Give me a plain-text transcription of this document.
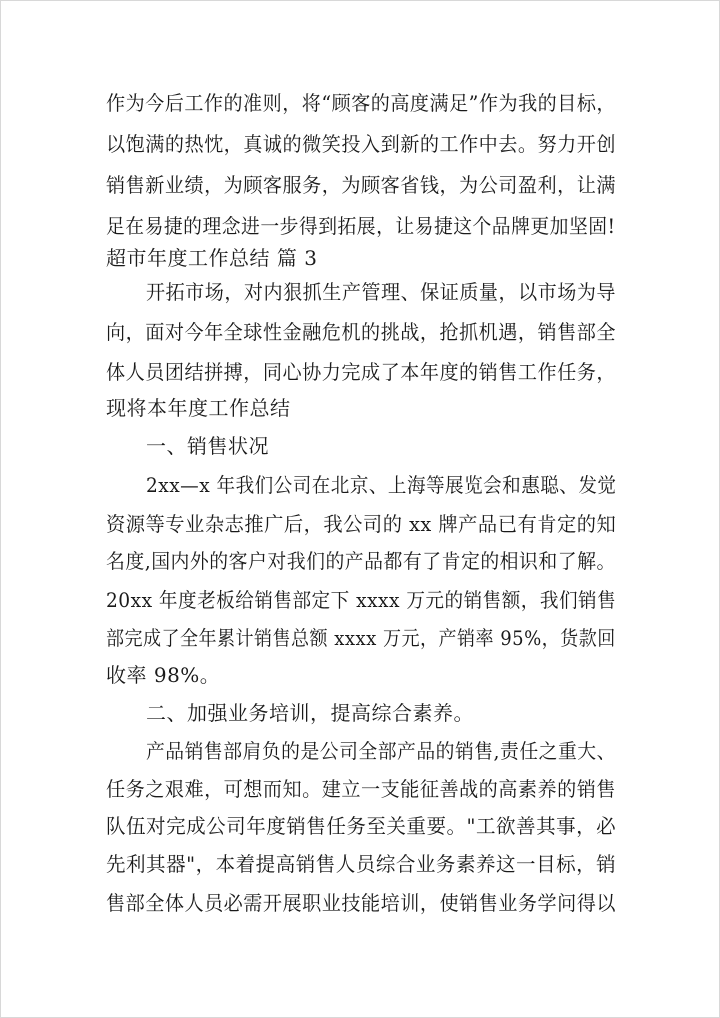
作为今后工作的准则，将“顾客的高度满足”作为我的目标，
以饱满的热忱，真诚的微笑投入到新的工作中去。努力开创
销售新业绩，为顾客服务，为顾客省钱，为公司盈利，让满
足在易捷的理念进一步得到拓展，让易捷这个品牌更加坚固!
超市年度工作总结 篇 3
开拓市场，对内狠抓生产管理、保证质量，以市场为导
向，面对今年全球性金融危机的挑战，抢抓机遇，销售部全
体人员团结拼搏，同心协力完成了本年度的销售工作任务，
现将本年度工作总结
一、销售状况
2xx—x 年我们公司在北京、上海等展览会和惠聪、发觉
资源等专业杂志推广后，我公司的 xx 牌产品已有肯定的知
名度,国内外的客户对我们的产品都有了肯定的相识和了解。
20xx 年度老板给销售部定下 xxxx 万元的销售额，我们销售
部完成了全年累计销售总额 xxxx 万元，产销率 95%，货款回
收率 98%。
二、加强业务培训，提高综合素养。
产品销售部肩负的是公司全部产品的销售,责任之重大、
任务之艰难，可想而知。建立一支能征善战的高素养的销售
队伍对完成公司年度销售任务至关重要。"工欲善其事，必
先利其器"，本着提高销售人员综合业务素养这一目标，销
售部全体人员必需开展职业技能培训，使销售业务学问得以
